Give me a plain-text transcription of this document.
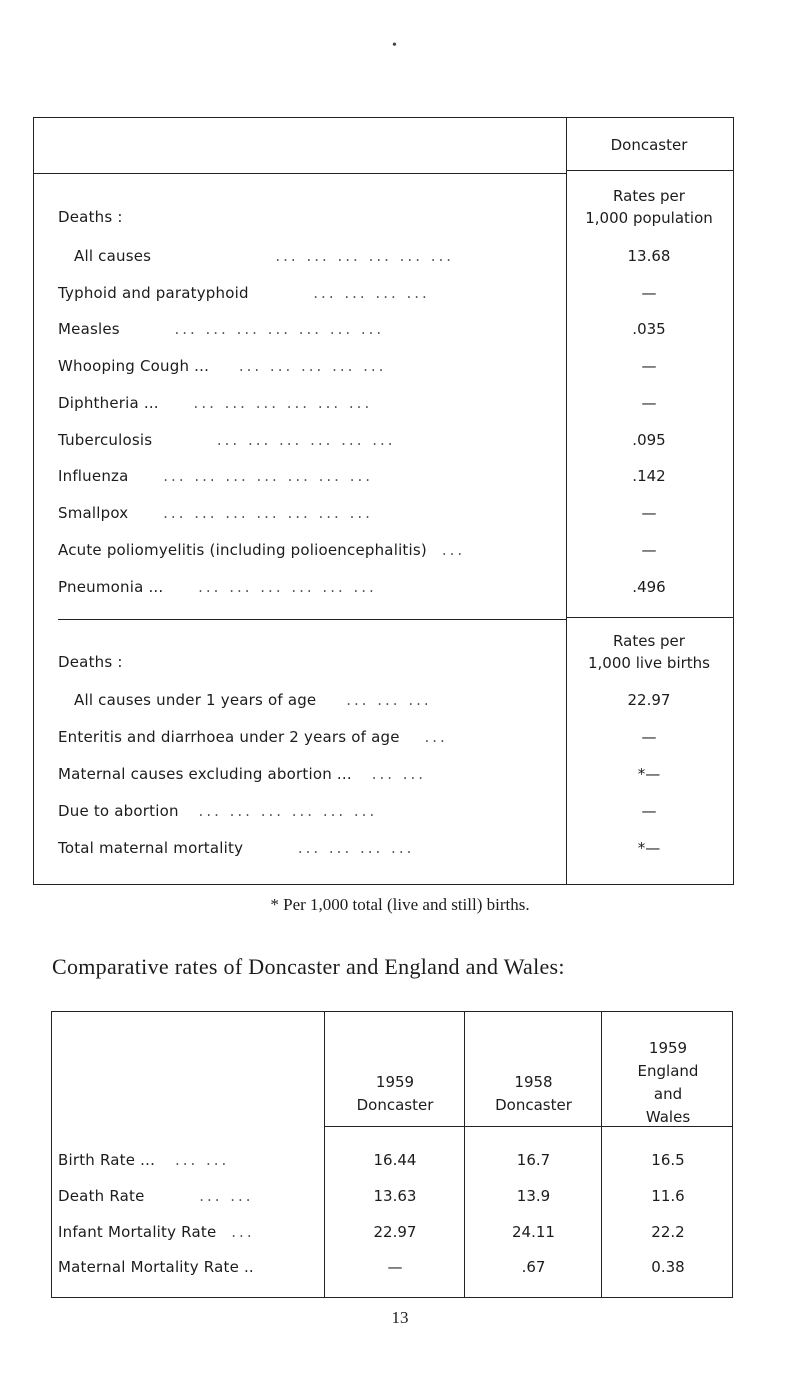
•
Doncaster
Deaths :
Rates per
1,000 population
All causes	... ... ... ... ... ...	13.68
Typhoid and paratyphoid	... ... ... ...	—
Measles	... ... ... ... ... ... ...	.035
Whooping Cough ... ... ... ... ... ...	—
Diphtheria ... ... ... ... ... ... ...	—
Tuberculosis	... ... ... ... ... ...	.095
Influenza ... ... ... ... ... ... ...	.142
Smallpox ... ... ... ... ... ... ...	—
Acute poliomyelitis (including polioencephalitis) ...	—
Pneumonia ... ... ... ... ... ... ...	.496
Deaths :
Rates per
1,000 live births
All causes under 1 years of age ... ... ...	22.97
Enteritis and diarrhoea under 2 years of age ...	—
Maternal causes excluding abortion ... ... ...	*—
Due to abortion ... ... ... ... ... ...	—
Total maternal mortality	... ... ... ...	*—
* Per 1,000 total (live and still) births.
Comparative rates of Doncaster and England and Wales:
1959
Doncaster
1958
Doncaster
1959
England
and
Wales
Birth Rate ... ... ...	16.44	16.7	16.5
Death Rate	... ...	13.63	13.9	11.6
Infant Mortality Rate ...	22.97	24.11	22.2
Maternal Mortality Rate ..	—	.67	0.38
13
